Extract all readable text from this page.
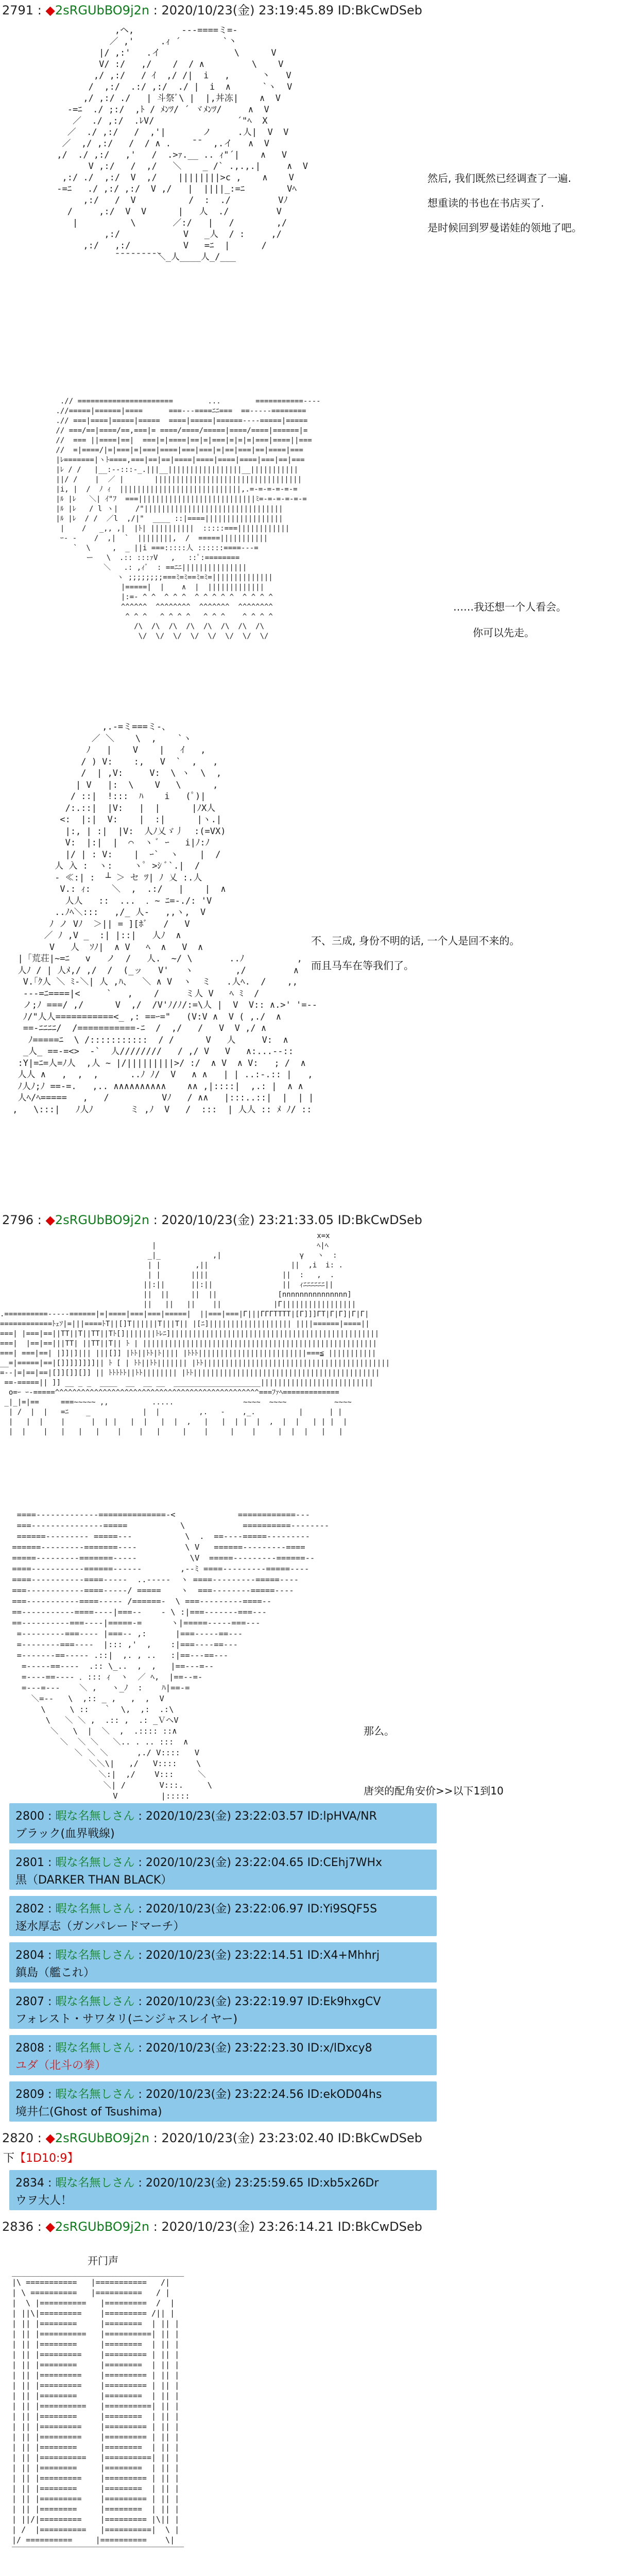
2791 : ◆2sRGUbBO9j2n : 2020/10/23(金) 23:19:45.89 ID:BkCwDSeb
,ヘ,         ---====ミ=-
／ ,'     .ｨ ´        `丶
|/ ,:'   .イ              \      V
V/ :/   ,/    /  / ∧         \    V
,/ ,:/   / ｲ  ,/ /|  i   ,      丶   V
/  ,:/  .:/ ,:/  ./ |  i  ∧      `ヽ  V
,/ ,:/ ./   | 斗祭ﾞ\ |  |,丼冻|    ∧  V
-=ﾆ  ./ ;:/  ,ﾄ / ﾒﾝﾂ/ ´ ヾﾒﾝﾂ/     ∧  V
／  ./ ,:/  .ﾚV/         　     ´"ﾍ  X
／  ./ ,:/   /  ,'|       ノ     .人|  V  V
／  ,/ ,:/   /  / ∧ .    ̄ ̄   ,.イ   ∧  V
,/  ./ ,:/   ,'   /  .>ｧ.__ .. ｨ"´|    ∧   V
V ,:/   /  ,/   ＼    _ /` .,.,.|     ∧  V
,:/ ./  ,:/  V  ,/    ||||||||>c ,    ∧    V
-=ﾆ   ./ ,:/ ,:/  V ,/   |  ||||_:=ﾆ        Vﾍ
,:/   /  V          /  :  ./         Vﾉ
/     ,:/  V  V      |   人  ./         V
|          \       ／:/   |   /        ,/
,:/            V   _人  / :     ,/
,:/   ,:/          V   =ﾆ  |      /
̄ ̄ ̄ ̄ ̄ ̄ ̄ ̄ ̄＼_人____人_/___

然后, 我们既然已经调查了一遍.
想重读的书也在书店买了.
是时候回到罗曼诺娃的领地了吧。
.// ======================        ...        ===========----
.//=====|======|====      ===---====ﾆﾆ===  ==-----========
.// ===|====|=====|=====  ====|=====|======----=====|=====
// ===/==|====/==,===|= ====/====/=====|====/====|======|=
//  === ||====|==|  ===|=|====|==|=|===|=|=|=|===|====||===
//  =|====/|=|===|=|===|====|===|===|=|==|===|==|====|===
|ﾚ=======|ヽﾄ====,===|==|==|====|====|====|====|===|==|===
|ﾚ / /   |__:--:::-_.|||__|||||||||||||||||__|||||||||||
||/ /    |  ／ |       ||||||||||||||||||||||||||||||||||
|i, |  /  ﾉ ｨ  ||||||||||||||||||||||||||||,.=-=-=-=-=-=
|ﾙ |ﾚ   ＼| ｲ"ﾌ  ===|||||||||||||||||||||||||||ﾐ=-=-=-=-=-=
|ﾙ |ﾚ   / l ヽ|    /"||||||||||||||||||||||||||||||||
|ﾙ |ﾚ  / /  ／l  ,/|"  ____ ::|====||||||||||||||||||
|    /   _,, ,|  |ﾄ| ||||||||||  :::::===||||||||||||
ｰ‐ -    /  ,|  `  ||||||||,  /  =====|||||||||||
`  \     ,  _ ||i ===:::::人 ::::::====---=
ー   \  .:: :::ｧV   ,   ::ﾟ:========
＼   .: ,ｨﾞ  : ==ﾆﾆ|||||||||||||||
ヽ ;;;;;;;;===ﾐ=ﾐ==ﾐ=ﾐ=||||||||||||||
|=====|  |    ∧  |  |||||||||||||
|:=- ^ ^  ^ ^ ^  ^ ^ ^ ^ ^  ^ ^ ^ ^
^^^^^^  ^^^^^^^^  ^^^^^^^  ^^^^^^^^
^ ^ ^   ^ ^ ^ ^   ^ ^ ^    ^ ^ ^ ^
/\  /\  /\  /\  /\  /\  /\  /\
\/  \/  \/  \/  \/  \/  \/  \/

……我还想一个人看会。
你可以先走。
,.-=ミ===ミ-、
／ ＼    \  ,    `ヽ
ﾉ   |    V    |   ｲ   ,
/ ) V:    :,   V  `  ,   ,
/  | ,V:     V:  \ ヽ  \  ,
| V   |:  \    V   \      ,
/ ::|  !:::  ﾊ    i   (ﾟ)|
/:.::|  |V:   |  |      |ﾉX人
<:  |:|  V:    |  :|      |ヽ.|
|:, | :|  |V:  人ﾉ乂ゞ丿  :(=VX)
V:  |:|  |  ⌒  ヽ ﾞ ｰ   i|ﾉ:ﾉ
|/ | : V:    |  ｰ`  ヽ    |  /
人 入 :  ヽ:    ヽﾟ >ｼ ﾞ`.|  /
‐ ≪:| :  ┴ ＞ セ ﾂ| ﾉ 乂 :.人
V.: ｨ:    ＼  ,  .:/   |    |  ∧
人人   ::  ...  ．~ ﾆ=-./: 'V
..ﾉﾍ＼:::   ,/_ 人-   ,,ヽ,  V
ﾉ ノ Vﾉ  ＞|| = ][ﾎﾞ   /   V
／ ﾉ ,V _  :| |::|   人ﾉ  ∧
V   人  ｿﾉ|  ∧ V   ﾍ  ∧   V  ∧
|「荒荘|~=ﾆ   v   ノ  /   人.  ~/ \       ..ﾉ          ,
人ﾉ / | 人ﾒ,/ ,/  /  (_ッ   V'   ヽ        ,/         ∧
V.｢ｸ人 ＼ ﾐ‐＼| 人 ,ﾊ、  ＼ ∧ V  ヽ  ミ   .人ﾍ.  /    ,,
---=ﾆ====|<     `   ,    /     ミ人 V   ﾍ ﾐ  /
ノ;ﾉ ===/ ,/      V  ,/  /V'ﾉ/ﾉ/:=\人 |  V  V:: ∧.>' '=--
ﾉ/"人人===========<_ ,: ==ｰ="   (V:V ∧  V ( ,./  ∧
==-ﾆﾆﾆﾆ/  /===========-ﾆ  /  ,/   /   V  V ,/ ∧
ﾉ=====ﾆ  \ /:::::::::::  / /      V   人     V:  ∧
_人_ ==-=<>  -`  人////////   / ,/ V   V   ∧:...--::
:Y|=ﾆ=人=ﾉ人  ,人 ~ |/|||||||||>/ :/  ∧ V  ∧ V:   ; /  ∧
人人 ∧   ,  ,  ,      ..ﾉ ﾉ/  V   ∧ ∧   | | ..:-.:: |   ,
ﾉ人ﾉ;ﾉ ==-=.   ,.. ∧∧∧∧∧∧∧∧∧∧    ∧∧ ,|::::|  ,.: |  ∧ ∧
人ﾍ/ﾍ=====   ,   /          Vﾉ   / ∧∧   |:::..::|  |  | |
,   \:::|   ﾉ人ﾉ       ミ ,ﾉ  V   /  :::  | 人人 :: ﾒ ﾉ/ ::

不、三成, 身份不明的话, 一个人是回不来的。
而且马车在等我们了。
2796 : ◆2sRGUbBO9j2n : 2020/10/23(金) 23:21:33.05 ID:BkCwDSeb
x=x
|                                     ﾍ|ﾍ
_|_            ,|                  γ   ヽ  :
| |        ,||                   ||  ,i  i: .
| |       ||||                 ||  :   ,  .
||:||      ||:||                ||  ｨﾆﾆﾆﾆﾆﾆ||
||  ||     ||  ||              [nnnnnnnnnnnnnnn]
||   ||   ||    ||            |Γ|||||||||||||||||
.==========-----======|=|====|===|===|=====|  ||===|===|Γ|||ΓΓΓTTTT|[Γ]]]ΓT|Γ|Γ]|Γ|Γ|
============ﾄｪｿ|=|||====ﾄT||[]T||||||T|||T|| |[ﾆ]||||||||||||||||||| ||||======|====||
===| |===|==||TT||T||TT||Tﾄ[]|||||||ﾄﾚﾆ]||||||||||||||||||||||||||||||||||||||||||||||||
===|  |==|==|||TT| ||TT||T|| ﾄ | ||||||||||||||||||||||||||||||||||||||||||||||||||||||
===| ===|==| |]]|]||| |||[]] |ﾄﾄ||ﾄﾄ|ﾄ|||| |ﾄﾄﾄ|||||||||||||||||||||||||===≦ |||||||||||
__=|=====|==|[]]]]]]]]|| ﾄ [ | ﾄﾄ||ﾄﾄ||||||| |ﾄﾄ|||||||||||||||||||||||||||||||||||||||||||
=--|=|==|==|[]][]][]] || ﾄﾄﾄﾄﾄ||ﾄﾄ|||||||| |ﾄﾄ|||||||||||||||||||||||||||||||||||||||||||
==-=====|| ]] __ _ _  ____  __  __ __  ____________________||||||||||||||||||||||||||
o=ｰ ｰ-=====^^^^^^^^^^^^^^^^^^^^^^^^^^^^^^^^^^^^^^^^^^^^^^^===ﾌｧﾍ=============
_|_|=|==     ===~~~~~ ,,          .....                ~~~~  ~~~~           ~~~~
| /  |  |   =ﾆ    _            |  |         ,.   -    ,_.          |      | |
|   |  |    |      |  | |   |  |   |  |  ,   |   |  | |  |  ,  |  |   | | |  |
|  |    |   |   |   |    |    |   |     |    |     |    |     |  |  |   |   |

====-------------==============-<             ============---
===---------------=====           \            ==========--------
======--------- =====---           \  .  ==----=====---------
======---------=======----          \ V   ======---------====
=====---------=======-----           \V  =====---------======--
====-----------======------        ,--ﾐ ====---------=====----
====-----------====-----  ..-----  ヽ ====---------=====----
===------------====-----/ =====    ヽ  ===--------=====----
===-----------====----- /======-  \ ===---------====--
==-----------====----|===--    - \ :|===-------===---
==----------===----|=====-=      ヽ|=====-----===---
=---------===---- |===-- ,:      |===-----==---
=--------===----  |::: ,'  ,    :|===----==---
=-------==----- .::|  ,. , ..   :|==---==---
=-----==----  .:: \_..  ,  ,   |==---=--
=----==---- ．::: ｨ  ヽ  ／ ﾍ,  |==--=-
=---=---    ＼ ,   ヽ_ﾉ  :    ﾊ|==-=
＼=--   \  ,:: _ ,   ,  ,  V
\     \ ::   ｀  \,  ,:  .:\
\   ＼ ＼ ,  .:: ,  .: _ＶヘV
＼   \  |  ＼  ,  .:::: ::∧
＼  ＼ ＼   ＼.. . .. :::  ∧
＼ ＼ ＼      ,./ V::::   V
＼＼\|   ,/   V::::    \
＼:|  ,/    V:::     ＼
＼| /       V:::.     \
V         |:::::

那么。
唐突的配角安价>>以下1到10
2800 : 暇な名無しさん : 2020/10/23(金) 23:22:03.57 ID:lpHVA/NR
ブラック(血界戦線)
2801 : 暇な名無しさん : 2020/10/23(金) 23:22:04.65 ID:CEhj7WHx
黒（DARKER THAN BLACK）
2802 : 暇な名無しさん : 2020/10/23(金) 23:22:06.97 ID:Yi9SQF5S
逐水厚志（ガンパレードマーチ）
2804 : 暇な名無しさん : 2020/10/23(金) 23:22:14.51 ID:X4+Mhhrj
鎮島（艦これ）
2807 : 暇な名無しさん : 2020/10/23(金) 23:22:19.97 ID:Ek9hxgCV
フォレスト・サワタリ(ニンジャスレイヤー)
2808 : 暇な名無しさん : 2020/10/23(金) 23:22:23.30 ID:x/lDxcy8
ユダ（北斗の拳）
2809 : 暇な名無しさん : 2020/10/23(金) 23:22:24.56 ID:ekOD04hs
境井仁(Ghost of Tsushima)
2820 : ◆2sRGUbBO9j2n : 2020/10/23(金) 23:23:02.40 ID:BkCwDSeb
下【1D10:9】
2834 : 暇な名無しさん : 2020/10/23(金) 23:25:59.65 ID:xb5x26Dr
ウヲ大人！
2836 : ◆2sRGUbBO9j2n : 2020/10/23(金) 23:26:14.21 ID:BkCwDSeb
开门声
_____________________________________
|\ ===========   |===========   /|
| \ ==========   |==========   / |
|  \ |==========   |=========  /  |
| ||\|=========    |========= /|| |
| || |========     |========  | || |
| || |==========   |==========| || |
| || |========     |========  | || |
| || |=========    |========= | || |
| || |========     |========  | || |
| || |=========    |========= | || |
| || |=========    |========= | || |
| || |========     |========  | || |
| || |==========   |==========| || |
| || |========     |========  | || |
| || |=========    |========= | || |
| || |=========    |========= | || |
| || |========     |========  | || |
| || |==========   |==========| || |
| || |========     |========  | || |
| || |=========    |========= | || |
| || |========     |========  | || |
| || |=========    |========= | || |
| || |========     |========  | || |
| ||/|=========    |========= |\|| |
| /  |==========   |==========|  \ |
|/ ==========     |==========    \|
‾‾‾‾‾‾‾‾‾‾‾‾‾‾‾‾‾‾‾‾‾‾‾‾‾‾‾‾‾‾‾‾‾‾‾‾‾
